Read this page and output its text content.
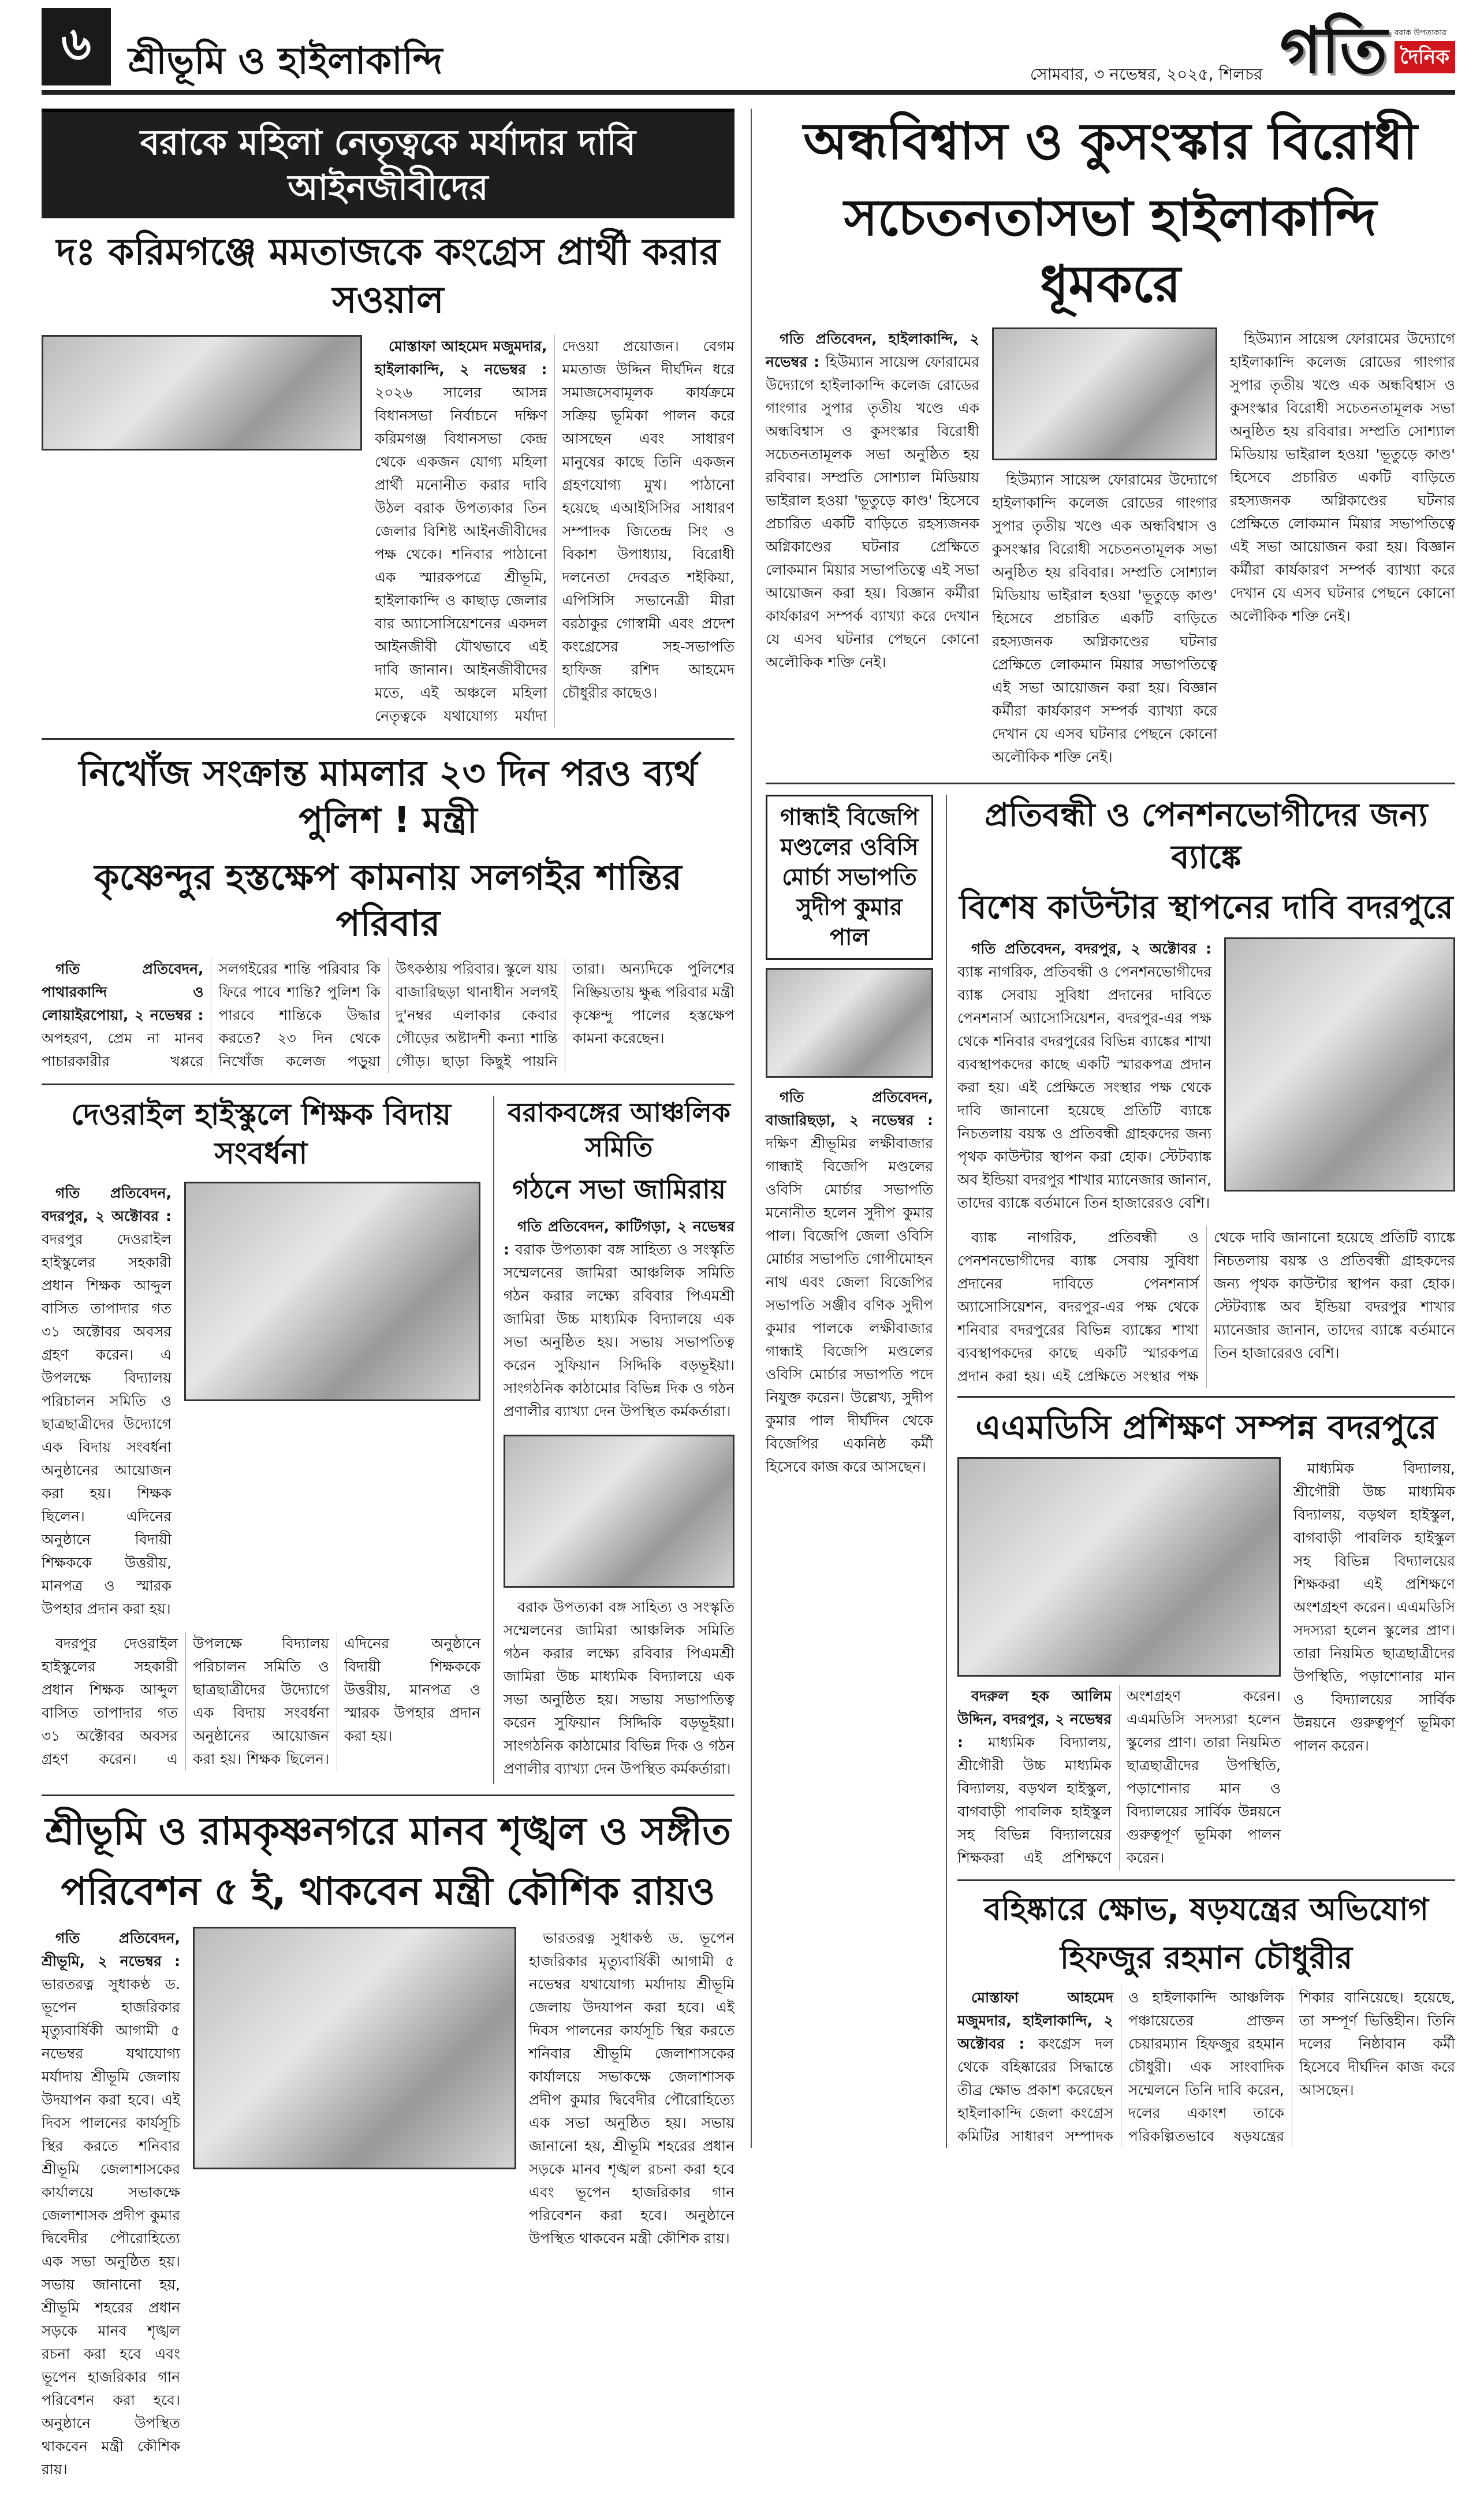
৬ শ্রীভূমি ও হাইলাকান্দি	সোমবার, ৩ নভেম্বর, ২০২৫, শিলচর গতি বরাক উপত্যকার
দৈনিক
বরাকে মহিলা নেতৃত্বকে মর্যাদার দাবি আইনজীবীদের
দঃ করিমগঞ্জে মমতাজকে কংগ্রেস প্রার্থী করার সওয়াল

মোস্তাফা আহমেদ মজুমদার, হাইলাকান্দি, ২ নভেম্বর : ২০২৬ সালের আসন্ন বিধানসভা নির্বাচনে দক্ষিণ করিমগঞ্জ বিধানসভা কেন্দ্র থেকে একজন যোগ্য মহিলা প্রার্থী মনোনীত করার দাবি উঠল বরাক উপত্যকার তিন জেলার বিশিষ্ট আইনজীবীদের পক্ষ থেকে। শনিবার পাঠানো এক স্মারকপত্রে শ্রীভূমি, হাইলাকান্দি ও কাছাড় জেলার বার অ্যাসোসিয়েশনের একদল আইনজীবী যৌথভাবে এই দাবি জানান। আইনজীবীদের মতে, এই অঞ্চলে মহিলা নেতৃত্বকে যথাযোগ্য মর্যাদা দেওয়া প্রয়োজন। বেগম মমতাজ উদ্দিন দীর্ঘদিন ধরে সমাজসেবামূলক কার্যক্রমে সক্রিয় ভূমিকা পালন করে আসছেন এবং সাধারণ মানুষের কাছে তিনি একজন গ্রহণযোগ্য মুখ। পাঠানো হয়েছে এআইসিসির সাধারণ সম্পাদক জিতেন্দ্র সিং ও বিকাশ উপাধ্যায়, বিরোধী দলনেতা দেবব্রত শইকিয়া, এপিসিসি সভানেত্রী মীরা বরঠাকুর গোস্বামী এবং প্রদেশ কংগ্রেসের সহ-সভাপতি হাফিজ রশিদ আহমেদ চৌধুরীর কাছেও।

নিখোঁজ সংক্রান্ত মামলার ২৩ দিন পরও ব্যর্থ পুলিশ ! মন্ত্রী
কৃষ্ণেন্দুর হস্তক্ষেপ কামনায় সলগইর শান্তির পরিবার

গতি প্রতিবেদন, পাথারকান্দি ও লোয়াইরপোয়া, ২ নভেম্বর : অপহরণ, প্রেম না মানব পাচারকারীর খপ্পরে সলগইরের শান্তি পরিবার কি ফিরে পাবে শান্তি? পুলিশ কি পারবে শান্তিকে উদ্ধার করতে? ২৩ দিন থেকে নিখোঁজ কলেজ পড়ুয়া উৎকণ্ঠায় পরিবার। স্কুলে যায় বাজারিছড়া থানাধীন সলগই দু'নম্বর এলাকার কেবার গৌড়ের অষ্টাদশী কন্যা শান্তি গৌড়। ছাড়া কিছুই পায়নি তারা। অন্যদিকে পুলিশের নিষ্ক্রিয়তায় ক্ষুব্ধ পরিবার মন্ত্রী কৃষ্ণেন্দু পালের হস্তক্ষেপ কামনা করেছেন।

দেওরাইল হাইস্কুলে শিক্ষক বিদায় সংবর্ধনা

গতি প্রতিবেদন, বদরপুর, ২ অক্টোবর : বদরপুর দেওরাইল হাইস্কুলের সহকারী প্রধান শিক্ষক আব্দুল বাসিত তাপাদার গত ৩১ অক্টোবর অবসর গ্রহণ করেন। এ উপলক্ষে বিদ্যালয় পরিচালন সমিতি ও ছাত্রছাত্রীদের উদ্যোগে এক বিদায় সংবর্ধনা অনুষ্ঠানের আয়োজন করা হয়। শিক্ষক ছিলেন। এদিনের অনুষ্ঠানে বিদায়ী শিক্ষককে উত্তরীয়, মানপত্র ও স্মারক উপহার প্রদান করা হয়।

বদরপুর দেওরাইল হাইস্কুলের সহকারী প্রধান শিক্ষক আব্দুল বাসিত তাপাদার গত ৩১ অক্টোবর অবসর গ্রহণ করেন। এ উপলক্ষে বিদ্যালয় পরিচালন সমিতি ও ছাত্রছাত্রীদের উদ্যোগে এক বিদায় সংবর্ধনা অনুষ্ঠানের আয়োজন করা হয়। শিক্ষক ছিলেন। এদিনের অনুষ্ঠানে বিদায়ী শিক্ষককে উত্তরীয়, মানপত্র ও স্মারক উপহার প্রদান করা হয়।

বরাকবঙ্গের আঞ্চলিক সমিতি
গঠনে সভা জামিরায়

গতি প্রতিবেদন, কাটিগড়া, ২ নভেম্বর : বরাক উপত্যকা বঙ্গ সাহিত্য ও সংস্কৃতি সম্মেলনের জামিরা আঞ্চলিক সমিতি গঠন করার লক্ষ্যে রবিবার পিএমশ্রী জামিরা উচ্চ মাধ্যমিক বিদ্যালয়ে এক সভা অনুষ্ঠিত হয়। সভায় সভাপতিত্ব করেন সুফিয়ান সিদ্দিকি বড়ভূইয়া। সাংগঠনিক কাঠামোর বিভিন্ন দিক ও গঠন প্রণালীর ব্যাখ্যা দেন উপস্থিত কর্মকর্তারা।

বরাক উপত্যকা বঙ্গ সাহিত্য ও সংস্কৃতি সম্মেলনের জামিরা আঞ্চলিক সমিতি গঠন করার লক্ষ্যে রবিবার পিএমশ্রী জামিরা উচ্চ মাধ্যমিক বিদ্যালয়ে এক সভা অনুষ্ঠিত হয়। সভায় সভাপতিত্ব করেন সুফিয়ান সিদ্দিকি বড়ভূইয়া। সাংগঠনিক কাঠামোর বিভিন্ন দিক ও গঠন প্রণালীর ব্যাখ্যা দেন উপস্থিত কর্মকর্তারা।

শ্রীভূমি ও রামকৃষ্ণনগরে মানব শৃঙ্খল ও সঙ্গীত
পরিবেশন ৫ ই, থাকবেন মন্ত্রী কৌশিক রায়ও

গতি প্রতিবেদন, শ্রীভূমি, ২ নভেম্বর : ভারতরত্ন সুধাকণ্ঠ ড. ভূপেন হাজরিকার মৃত্যুবার্ষিকী আগামী ৫ নভেম্বর যথাযোগ্য মর্যাদায় শ্রীভূমি জেলায় উদযাপন করা হবে। এই দিবস পালনের কার্যসূচি স্থির করতে শনিবার শ্রীভূমি জেলাশাসকের কার্যালয়ে সভাকক্ষে জেলাশাসক প্রদীপ কুমার দ্বিবেদীর পৌরোহিত্যে এক সভা অনুষ্ঠিত হয়। সভায় জানানো হয়, শ্রীভূমি শহরের প্রধান সড়কে মানব শৃঙ্খল রচনা করা হবে এবং ভূপেন হাজরিকার গান পরিবেশন করা হবে। অনুষ্ঠানে উপস্থিত থাকবেন মন্ত্রী কৌশিক রায়।

ভারতরত্ন সুধাকণ্ঠ ড. ভূপেন হাজরিকার মৃত্যুবার্ষিকী আগামী ৫ নভেম্বর যথাযোগ্য মর্যাদায় শ্রীভূমি জেলায় উদযাপন করা হবে। এই দিবস পালনের কার্যসূচি স্থির করতে শনিবার শ্রীভূমি জেলাশাসকের কার্যালয়ে সভাকক্ষে জেলাশাসক প্রদীপ কুমার দ্বিবেদীর পৌরোহিত্যে এক সভা অনুষ্ঠিত হয়। সভায় জানানো হয়, শ্রীভূমি শহরের প্রধান সড়কে মানব শৃঙ্খল রচনা করা হবে এবং ভূপেন হাজরিকার গান পরিবেশন করা হবে। অনুষ্ঠানে উপস্থিত থাকবেন মন্ত্রী কৌশিক রায়।

অন্ধবিশ্বাস ও কুসংস্কার বিরোধী
সচেতনতাসভা হাইলাকান্দি ধূমকরে

গতি প্রতিবেদন, হাইলাকান্দি, ২ নভেম্বর : হিউম্যান সায়েন্স ফোরামের উদ্যোগে হাইলাকান্দি কলেজ রোডের গাংগার সুপার তৃতীয় খণ্ডে এক অন্ধবিশ্বাস ও কুসংস্কার বিরোধী সচেতনতামূলক সভা অনুষ্ঠিত হয় রবিবার। সম্প্রতি সোশ্যাল মিডিয়ায় ভাইরাল হওয়া 'ভূতুড়ে কাণ্ড' হিসেবে প্রচারিত একটি বাড়িতে রহস্যজনক অগ্নিকাণ্ডের ঘটনার প্রেক্ষিতে লোকমান মিয়ার সভাপতিত্বে এই সভা আয়োজন করা হয়। বিজ্ঞান কর্মীরা কার্যকারণ সম্পর্ক ব্যাখ্যা করে দেখান যে এসব ঘটনার পেছনে কোনো অলৌকিক শক্তি নেই।

হিউম্যান সায়েন্স ফোরামের উদ্যোগে হাইলাকান্দি কলেজ রোডের গাংগার সুপার তৃতীয় খণ্ডে এক অন্ধবিশ্বাস ও কুসংস্কার বিরোধী সচেতনতামূলক সভা অনুষ্ঠিত হয় রবিবার। সম্প্রতি সোশ্যাল মিডিয়ায় ভাইরাল হওয়া 'ভূতুড়ে কাণ্ড' হিসেবে প্রচারিত একটি বাড়িতে রহস্যজনক অগ্নিকাণ্ডের ঘটনার প্রেক্ষিতে লোকমান মিয়ার সভাপতিত্বে এই সভা আয়োজন করা হয়। বিজ্ঞান কর্মীরা কার্যকারণ সম্পর্ক ব্যাখ্যা করে দেখান যে এসব ঘটনার পেছনে কোনো অলৌকিক শক্তি নেই।

হিউম্যান সায়েন্স ফোরামের উদ্যোগে হাইলাকান্দি কলেজ রোডের গাংগার সুপার তৃতীয় খণ্ডে এক অন্ধবিশ্বাস ও কুসংস্কার বিরোধী সচেতনতামূলক সভা অনুষ্ঠিত হয় রবিবার। সম্প্রতি সোশ্যাল মিডিয়ায় ভাইরাল হওয়া 'ভূতুড়ে কাণ্ড' হিসেবে প্রচারিত একটি বাড়িতে রহস্যজনক অগ্নিকাণ্ডের ঘটনার প্রেক্ষিতে লোকমান মিয়ার সভাপতিত্বে এই সভা আয়োজন করা হয়। বিজ্ঞান কর্মীরা কার্যকারণ সম্পর্ক ব্যাখ্যা করে দেখান যে এসব ঘটনার পেছনে কোনো অলৌকিক শক্তি নেই।

গান্ধাই বিজেপি মণ্ডলের ওবিসি মোর্চা সভাপতি সুদীপ কুমার পাল

গতি প্রতিবেদন, বাজারিছড়া, ২ নভেম্বর : দক্ষিণ শ্রীভূমির লক্ষীবাজার গান্ধাই বিজেপি মণ্ডলের ওবিসি মোর্চার সভাপতি মনোনীত হলেন সুদীপ কুমার পাল। বিজেপি জেলা ওবিসি মোর্চার সভাপতি গোপীমোহন নাথ এবং জেলা বিজেপির সভাপতি সঞ্জীব বণিক সুদীপ কুমার পালকে লক্ষীবাজার গান্ধাই বিজেপি মণ্ডলের ওবিসি মোর্চার সভাপতি পদে নিযুক্ত করেন। উল্লেখ্য, সুদীপ কুমার পাল দীর্ঘদিন থেকে বিজেপির একনিষ্ঠ কর্মী হিসেবে কাজ করে আসছেন।

প্রতিবন্ধী ও পেনশনভোগীদের জন্য ব্যাঙ্কে
বিশেষ কাউন্টার স্থাপনের দাবি বদরপুরে

গতি প্রতিবেদন, বদরপুর, ২ অক্টোবর : ব্যাঙ্ক নাগরিক, প্রতিবন্ধী ও পেনশনভোগীদের ব্যাঙ্ক সেবায় সুবিধা প্রদানের দাবিতে পেনশনার্স অ্যাসোসিয়েশন, বদরপুর-এর পক্ষ থেকে শনিবার বদরপুরের বিভিন্ন ব্যাঙ্কের শাখা ব্যবস্থাপকদের কাছে একটি স্মারকপত্র প্রদান করা হয়। এই প্রেক্ষিতে সংস্থার পক্ষ থেকে দাবি জানানো হয়েছে প্রতিটি ব্যাঙ্কে নিচতলায় বয়স্ক ও প্রতিবন্ধী গ্রাহকদের জন্য পৃথক কাউন্টার স্থাপন করা হোক। স্টেটব্যাঙ্ক অব ইন্ডিয়া বদরপুর শাখার ম্যানেজার জানান, তাদের ব্যাঙ্কে বর্তমানে তিন হাজারেরও বেশি।

ব্যাঙ্ক নাগরিক, প্রতিবন্ধী ও পেনশনভোগীদের ব্যাঙ্ক সেবায় সুবিধা প্রদানের দাবিতে পেনশনার্স অ্যাসোসিয়েশন, বদরপুর-এর পক্ষ থেকে শনিবার বদরপুরের বিভিন্ন ব্যাঙ্কের শাখা ব্যবস্থাপকদের কাছে একটি স্মারকপত্র প্রদান করা হয়। এই প্রেক্ষিতে সংস্থার পক্ষ থেকে দাবি জানানো হয়েছে প্রতিটি ব্যাঙ্কে নিচতলায় বয়স্ক ও প্রতিবন্ধী গ্রাহকদের জন্য পৃথক কাউন্টার স্থাপন করা হোক। স্টেটব্যাঙ্ক অব ইন্ডিয়া বদরপুর শাখার ম্যানেজার জানান, তাদের ব্যাঙ্কে বর্তমানে তিন হাজারেরও বেশি।

এএমডিসি প্রশিক্ষণ সম্পন্ন বদরপুরে

বদরুল হক আলিম উদ্দিন, বদরপুর, ২ নভেম্বর : মাধ্যমিক বিদ্যালয়, শ্রীগৌরী উচ্চ মাধ্যমিক বিদ্যালয়, বড়থল হাইস্কুল, বাগবাড়ী পাবলিক হাইস্কুল সহ বিভিন্ন বিদ্যালয়ের শিক্ষকরা এই প্রশিক্ষণে অংশগ্রহণ করেন। এএমডিসি সদস্যরা হলেন স্কুলের প্রাণ। তারা নিয়মিত ছাত্রছাত্রীদের উপস্থিতি, পড়াশোনার মান ও বিদ্যালয়ের সার্বিক উন্নয়নে গুরুত্বপূর্ণ ভূমিকা পালন করেন।

মাধ্যমিক বিদ্যালয়, শ্রীগৌরী উচ্চ মাধ্যমিক বিদ্যালয়, বড়থল হাইস্কুল, বাগবাড়ী পাবলিক হাইস্কুল সহ বিভিন্ন বিদ্যালয়ের শিক্ষকরা এই প্রশিক্ষণে অংশগ্রহণ করেন। এএমডিসি সদস্যরা হলেন স্কুলের প্রাণ। তারা নিয়মিত ছাত্রছাত্রীদের উপস্থিতি, পড়াশোনার মান ও বিদ্যালয়ের সার্বিক উন্নয়নে গুরুত্বপূর্ণ ভূমিকা পালন করেন।

বহিষ্কারে ক্ষোভ, ষড়যন্ত্রের অভিযোগ
হিফজুর রহমান চৌধুরীর

মোস্তাফা আহমেদ মজুমদার, হাইলাকান্দি, ২ অক্টোবর : কংগ্রেস দল থেকে বহিষ্কারের সিদ্ধান্তে তীব্র ক্ষোভ প্রকাশ করেছেন হাইলাকান্দি জেলা কংগ্রেস কমিটির সাধারণ সম্পাদক ও হাইলাকান্দি আঞ্চলিক পঞ্চায়েতের প্রাক্তন চেয়ারম্যান হিফজুর রহমান চৌধুরী। এক সাংবাদিক সম্মেলনে তিনি দাবি করেন, দলের একাংশ তাকে পরিকল্পিতভাবে ষড়যন্ত্রের শিকার বানিয়েছে। হয়েছে, তা সম্পূর্ণ ভিত্তিহীন। তিনি দলের নিষ্ঠাবান কর্মী হিসেবে দীর্ঘদিন কাজ করে আসছেন।
